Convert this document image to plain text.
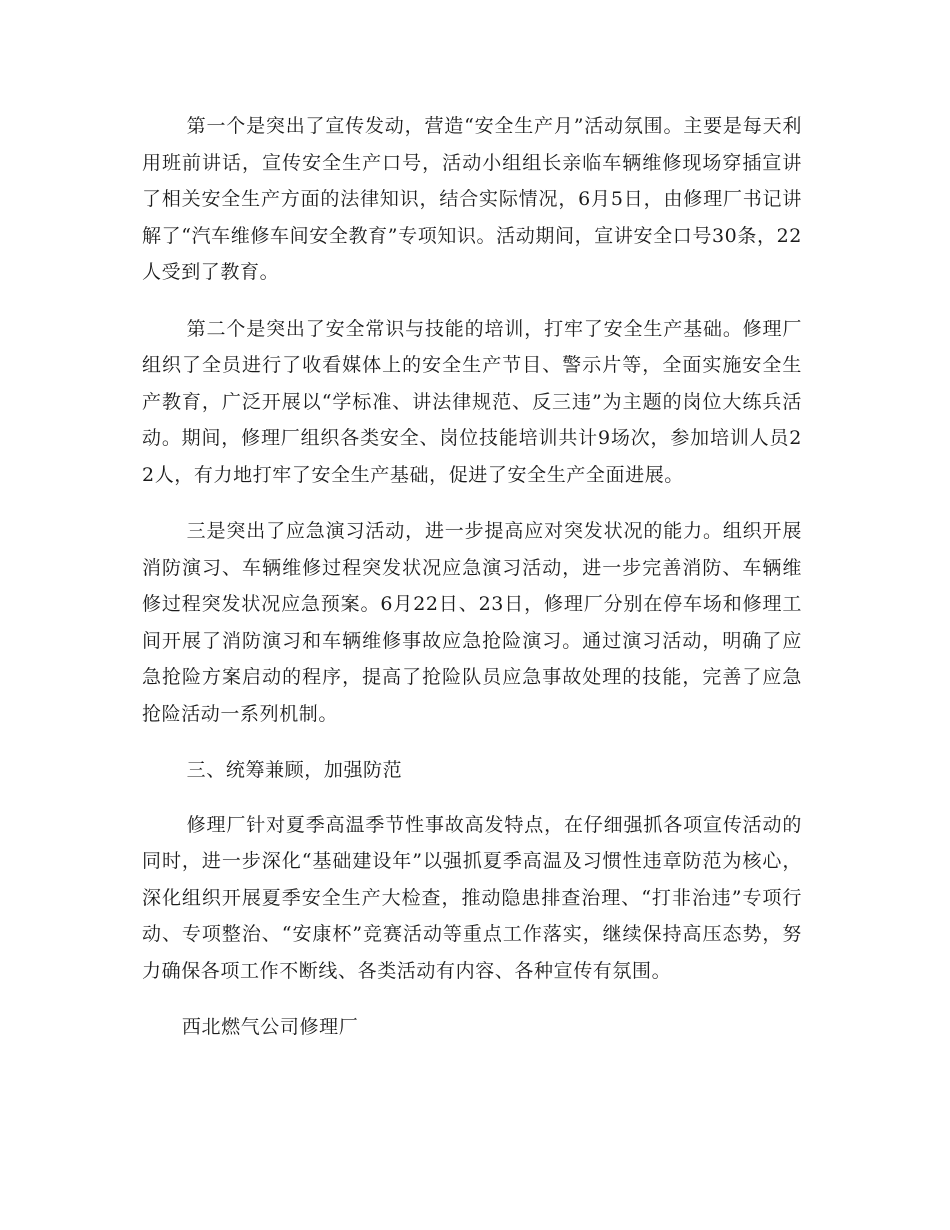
第一个是突出了宣传发动，营造“安全生产月”活动氛围。主要是每天利用班前讲话，宣传安全生产口号，活动小组组长亲临车辆维修现场穿插宣讲了相关安全生产方面的法律知识，结合实际情况，6月5日，由修理厂书记讲解了“汽车维修车间安全教育”专项知识。活动期间，宣讲安全口号30条，22人受到了教育。

第二个是突出了安全常识与技能的培训，打牢了安全生产基础。修理厂组织了全员进行了收看媒体上的安全生产节目、警示片等，全面实施安全生产教育，广泛开展以“学标准、讲法律规范、反三违”为主题的岗位大练兵活动。期间，修理厂组织各类安全、岗位技能培训共计9场次，参加培训人员22人，有力地打牢了安全生产基础，促进了安全生产全面进展。

三是突出了应急演习活动，进一步提高应对突发状况的能力。组织开展消防演习、车辆维修过程突发状况应急演习活动，进一步完善消防、车辆维修过程突发状况应急预案。6月22日、23日，修理厂分别在停车场和修理工间开展了消防演习和车辆维修事故应急抢险演习。通过演习活动，明确了应急抢险方案启动的程序，提高了抢险队员应急事故处理的技能，完善了应急抢险活动一系列机制。

三、统筹兼顾，加强防范

修理厂针对夏季高温季节性事故高发特点，在仔细强抓各项宣传活动的同时，进一步深化“基础建设年”以强抓夏季高温及习惯性违章防范为核心，深化组织开展夏季安全生产大检查，推动隐患排查治理、“打非治违”专项行动、专项整治、“安康杯”竞赛活动等重点工作落实，继续保持高压态势，努力确保各项工作不断线、各类活动有内容、各种宣传有氛围。

西北燃气公司修理厂
